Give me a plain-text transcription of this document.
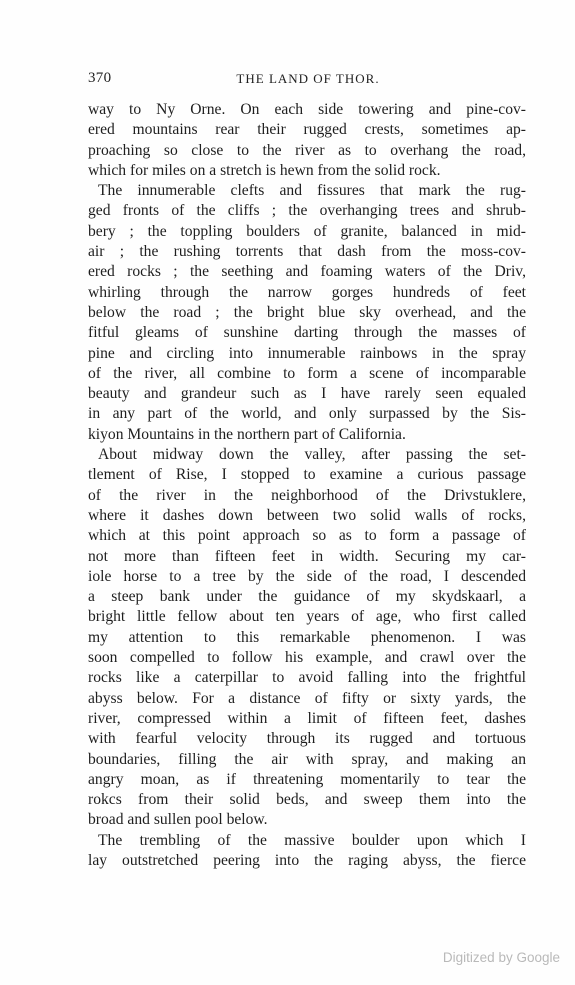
370	THE LAND OF THOR.
way to Ny Orne. On each side towering and pine-cov-
ered mountains rear their rugged crests, sometimes ap-
proaching so close to the river as to overhang the road,
which for miles on a stretch is hewn from the solid rock.
The innumerable clefts and fissures that mark the rug-
ged fronts of the cliffs ; the overhanging trees and shrub-
bery ; the toppling boulders of granite, balanced in mid-
air ; the rushing torrents that dash from the moss-cov-
ered rocks ; the seething and foaming waters of the Driv,
whirling through the narrow gorges hundreds of feet
below the road ; the bright blue sky overhead, and the
fitful gleams of sunshine darting through the masses of
pine and circling into innumerable rainbows in the spray
of the river, all combine to form a scene of incomparable
beauty and grandeur such as I have rarely seen equaled
in any part of the world, and only surpassed by the Sis-
kiyon Mountains in the northern part of California.
About midway down the valley, after passing the set-
tlement of Rise, I stopped to examine a curious passage
of the river in the neighborhood of the Drivstuklere,
where it dashes down between two solid walls of rocks,
which at this point approach so as to form a passage of
not more than fifteen feet in width. Securing my car-
iole horse to a tree by the side of the road, I descended
a steep bank under the guidance of my skydskaarl, a
bright little fellow about ten years of age, who first called
my attention to this remarkable phenomenon. I was
soon compelled to follow his example, and crawl over the
rocks like a caterpillar to avoid falling into the frightful
abyss below. For a distance of fifty or sixty yards, the
river, compressed within a limit of fifteen feet, dashes
with fearful velocity through its rugged and tortuous
boundaries, filling the air with spray, and making an
angry moan, as if threatening momentarily to tear the
rokcs from their solid beds, and sweep them into the
broad and sullen pool below.
The trembling of the massive boulder upon which I
lay outstretched peering into the raging abyss, the fierce
Digitized by Google
